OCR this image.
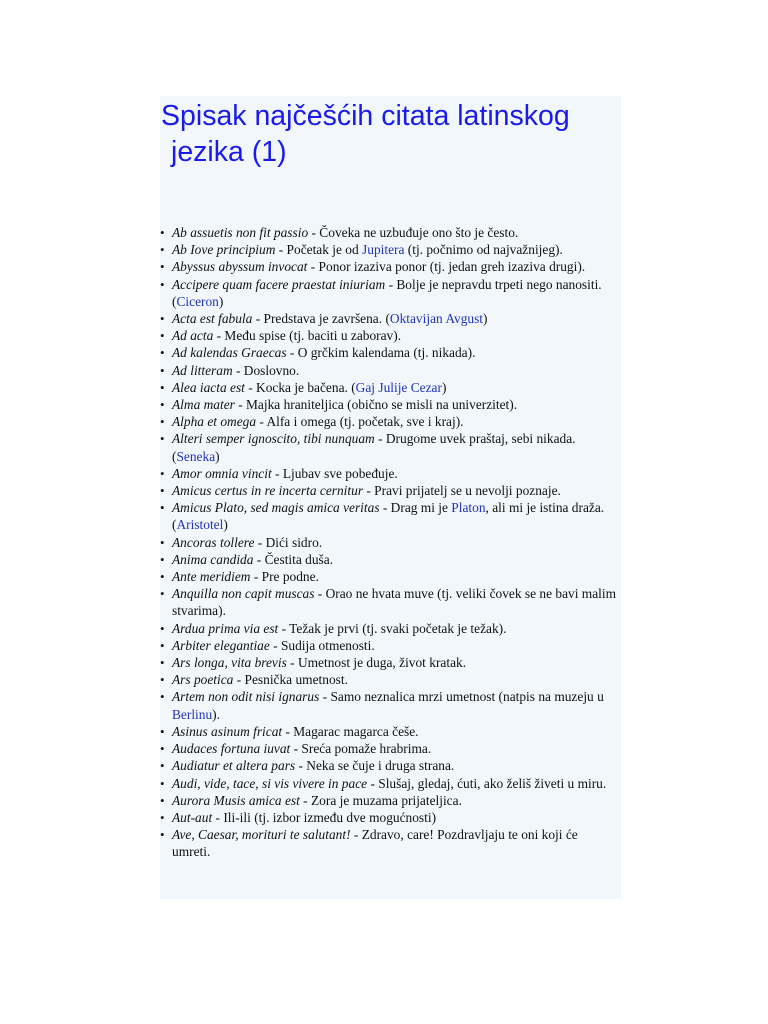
Spisak najčešćih citata latinskog
jezika (1)
• Ab assuetis non fit passio - Čoveka ne uzbuđuje ono što je često.
• Ab Iove principium - Početak je od Jupitera (tj. počnimo od najvažnijeg).
• Abyssus abyssum invocat - Ponor izaziva ponor (tj. jedan greh izaziva drugi).
• Accipere quam facere praestat iniuriam - Bolje je nepravdu trpeti nego nanositi. (Ciceron)
• Acta est fabula - Predstava je završena. (Oktavijan Avgust)
• Ad acta - Među spise (tj. baciti u zaborav).
• Ad kalendas Graecas - O grčkim kalendama (tj. nikada).
• Ad litteram - Doslovno.
• Alea iacta est - Kocka je bačena. (Gaj Julije Cezar)
• Alma mater - Majka hraniteljica (obično se misli na univerzitet).
• Alpha et omega - Alfa i omega (tj. početak, sve i kraj).
• Alteri semper ignoscito, tibi nunquam - Drugome uvek praštaj, sebi nikada. (Seneka)
• Amor omnia vincit - Ljubav sve pobeđuje.
• Amicus certus in re incerta cernitur - Pravi prijatelj se u nevolji poznaje.
• Amicus Plato, sed magis amica veritas - Drag mi je Platon, ali mi je istina draža. (Aristotel)
• Ancoras tollere - Dići sidro.
• Anima candida - Čestita duša.
• Ante meridiem - Pre podne.
• Anquilla non capit muscas - Orao ne hvata muve (tj. veliki čovek se ne bavi malim stvarima).
• Ardua prima via est - Težak je prvi (tj. svaki početak je težak).
• Arbiter elegantiae - Sudija otmenosti.
• Ars longa, vita brevis - Umetnost je duga, život kratak.
• Ars poetica - Pesnička umetnost.
• Artem non odit nisi ignarus - Samo neznalica mrzi umetnost (natpis na muzeju u Berlinu).
• Asinus asinum fricat - Magarac magarca češe.
• Audaces fortuna iuvat - Sreća pomaže hrabrima.
• Audiatur et altera pars - Neka se čuje i druga strana.
• Audi, vide, tace, si vis vivere in pace - Slušaj, gledaj, ćuti, ako želiš živeti u miru.
• Aurora Musis amica est - Zora je muzama prijateljica.
• Aut-aut - Ili-ili (tj. izbor između dve mogućnosti)
• Ave, Caesar, morituri te salutant! - Zdravo, care! Pozdravljaju te oni koji će umreti.
